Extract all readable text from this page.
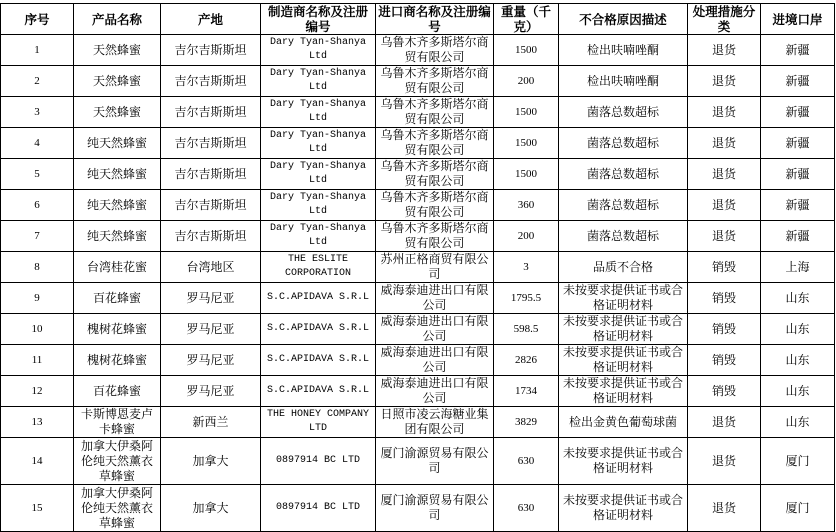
序号	产品名称	产地	制造商名称及注册编号	进口商名称及注册编号	重量（千克）	不合格原因描述	处理措施分类	进境口岸
1	天然蜂蜜	吉尔吉斯斯坦	Dary Tyan-Shanya Ltd	乌鲁木齐多斯塔尔商贸有限公司	1500	检出呋喃唑酮	退货	新疆
2	天然蜂蜜	吉尔吉斯斯坦	Dary Tyan-Shanya Ltd	乌鲁木齐多斯塔尔商贸有限公司	200	检出呋喃唑酮	退货	新疆
3	天然蜂蜜	吉尔吉斯斯坦	Dary Tyan-Shanya Ltd	乌鲁木齐多斯塔尔商贸有限公司	1500	菌落总数超标	退货	新疆
4	纯天然蜂蜜	吉尔吉斯斯坦	Dary Tyan-Shanya Ltd	乌鲁木齐多斯塔尔商贸有限公司	1500	菌落总数超标	退货	新疆
5	纯天然蜂蜜	吉尔吉斯斯坦	Dary Tyan-Shanya Ltd	乌鲁木齐多斯塔尔商贸有限公司	1500	菌落总数超标	退货	新疆
6	纯天然蜂蜜	吉尔吉斯斯坦	Dary Tyan-Shanya Ltd	乌鲁木齐多斯塔尔商贸有限公司	360	菌落总数超标	退货	新疆
7	纯天然蜂蜜	吉尔吉斯斯坦	Dary Tyan-Shanya Ltd	乌鲁木齐多斯塔尔商贸有限公司	200	菌落总数超标	退货	新疆
8	台湾桂花蜜	台湾地区	THE ESLITE CORPORATION	苏州正格商贸有限公司	3	品质不合格	销毁	上海
9	百花蜂蜜	罗马尼亚	S.C.APIDAVA S.R.L	威海泰迪进出口有限公司	1795.5	未按要求提供证书或合格证明材料	销毁	山东
10	槐树花蜂蜜	罗马尼亚	S.C.APIDAVA S.R.L	威海泰迪进出口有限公司	598.5	未按要求提供证书或合格证明材料	销毁	山东
11	槐树花蜂蜜	罗马尼亚	S.C.APIDAVA S.R.L	威海泰迪进出口有限公司	2826	未按要求提供证书或合格证明材料	销毁	山东
12	百花蜂蜜	罗马尼亚	S.C.APIDAVA S.R.L	威海泰迪进出口有限公司	1734	未按要求提供证书或合格证明材料	销毁	山东
13	卡斯博恩麦卢卡蜂蜜	新西兰	THE HONEY COMPANY LTD	日照市凌云海糖业集团有限公司	3829	检出金黄色葡萄球菌	退货	山东
14	加拿大伊桑阿伦纯天然薰衣草蜂蜜	加拿大	0897914 BC LTD	厦门渝源贸易有限公司	630	未按要求提供证书或合格证明材料	退货	厦门
15	加拿大伊桑阿伦纯天然薰衣草蜂蜜	加拿大	0897914 BC LTD	厦门渝源贸易有限公司	630	未按要求提供证书或合格证明材料	退货	厦门
